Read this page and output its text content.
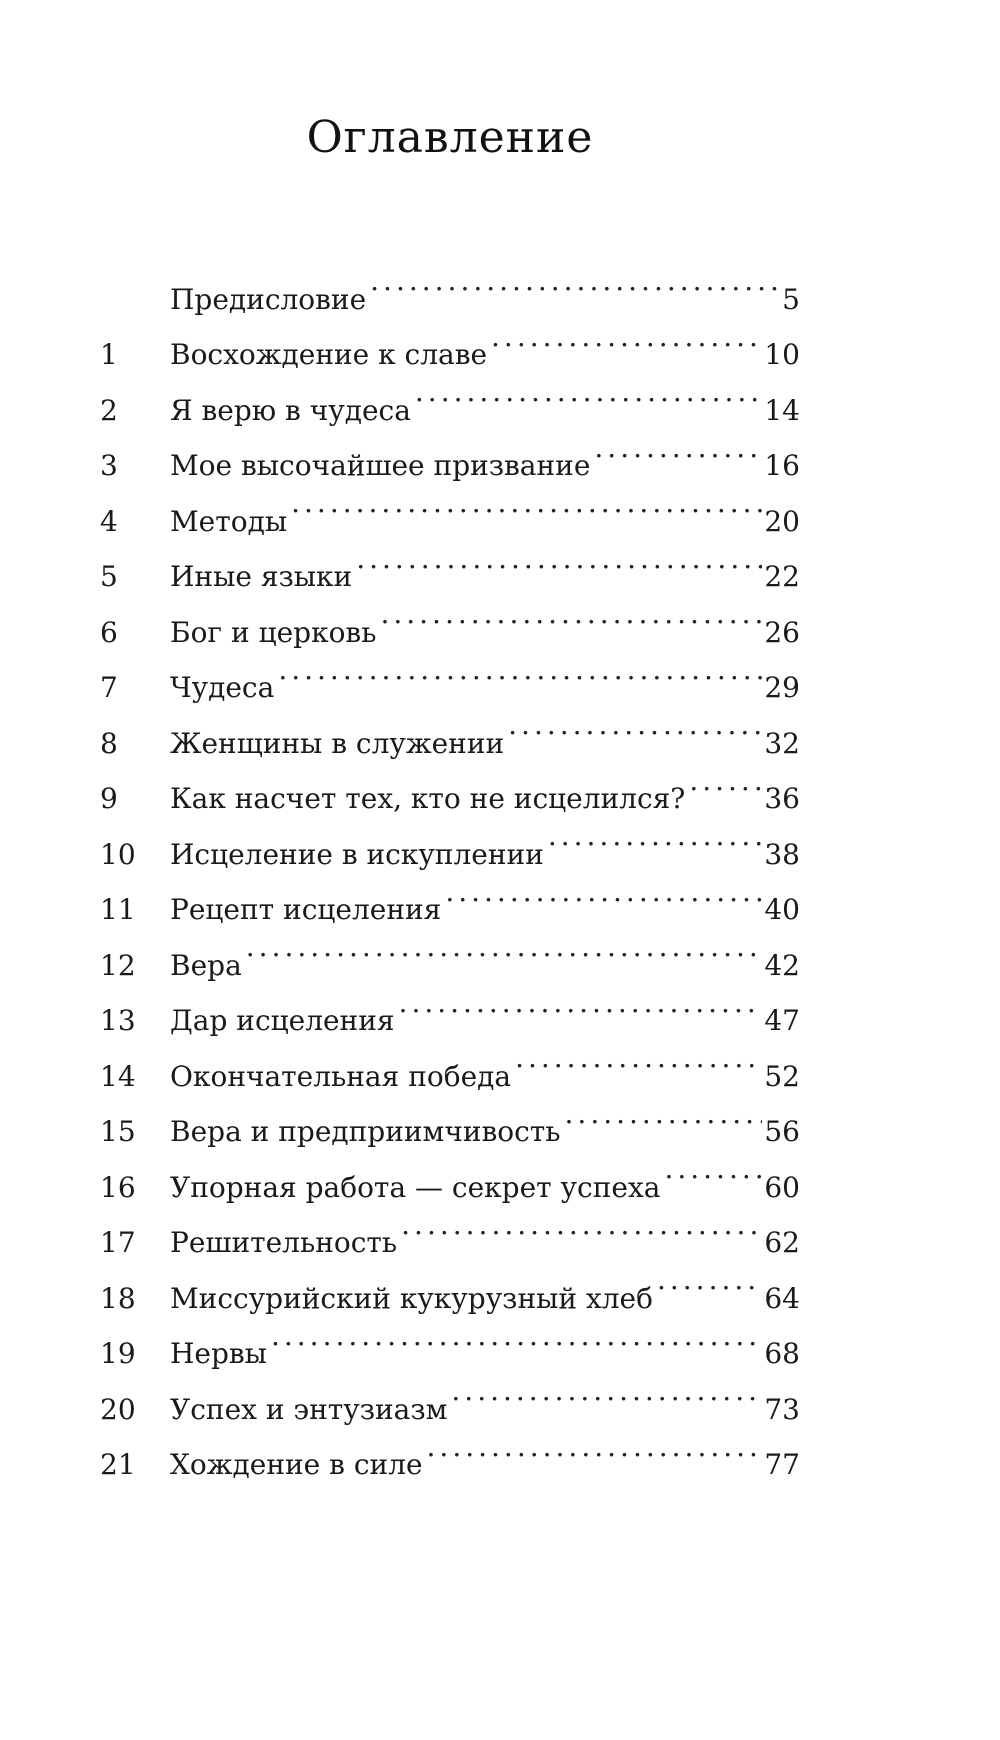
Оглавление
Предисловие .....	5
1	Восхождение к славе .....	10
2	Я верю в чудеса .....	14
3	Мое высочайшее призвание .....	16
4	Методы .....	20
5	Иные языки .....	22
6	Бог и церковь .....	26
7	Чудеса .....	29
8	Женщины в служении .....	32
9	Как насчет тех, кто не исцелился? .....	36
10	Исцеление в искуплении .....	38
11	Рецепт исцеления .....	40
12	Вера .....	42
13	Дар исцеления .....	47
14	Окончательная победа .....	52
15	Вера и предприимчивость .....	56
16	Упорная работа — секрет успеха .....	60
17	Решительность .....	62
18	Миссурийский кукурузный хлеб .....	64
19	Нервы .....	68
20	Успех и энтузиазм .....	73
21	Хождение в силе .....	77
